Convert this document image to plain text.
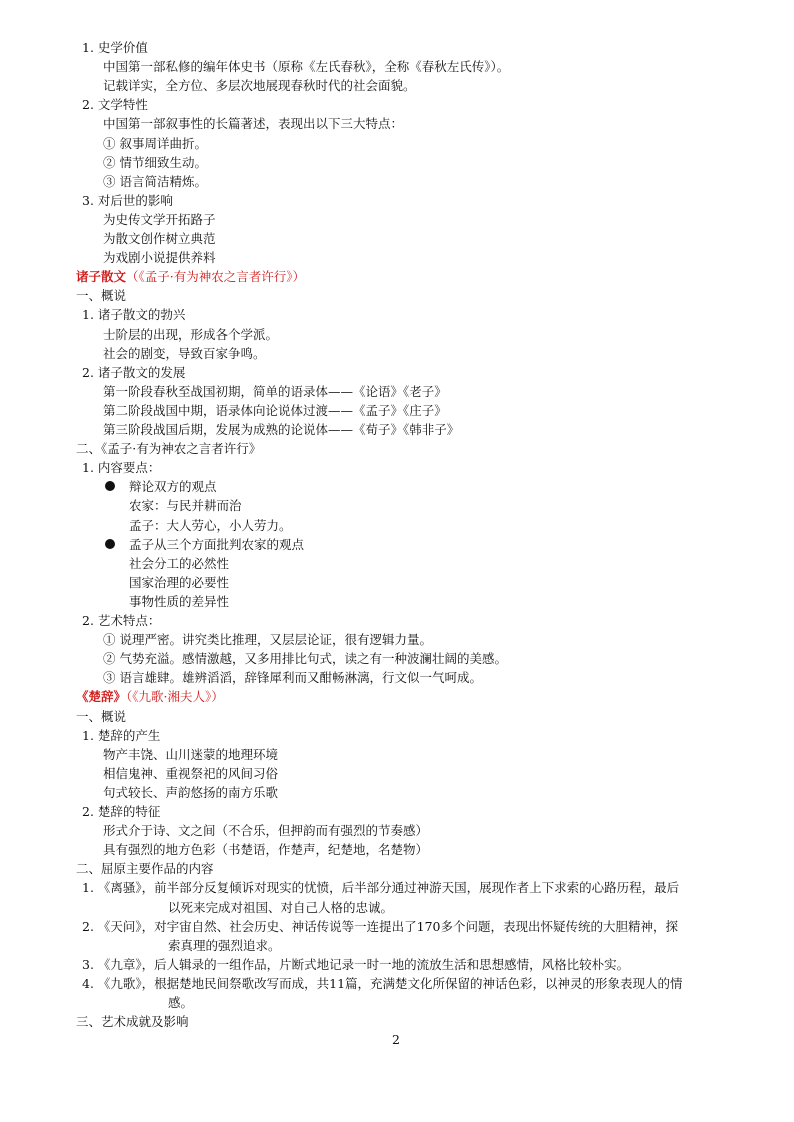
2
1. 史学价值
中国第一部私修的编年体史书（原称《左氏春秋》，全称《春秋左氏传》）。
记载详实，全方位、多层次地展现春秋时代的社会面貌。
2. 文学特性
中国第一部叙事性的长篇著述，表现出以下三大特点：
① 叙事周详曲折。
② 情节细致生动。
③ 语言简洁精炼。
3. 对后世的影响
为史传文学开拓路子
为散文创作树立典范
为戏剧小说提供养料
诸子散文（《孟子·有为神农之言者许行》）
一、概说
1. 诸子散文的勃兴
士阶层的出现，形成各个学派。
社会的剧变，导致百家争鸣。
2. 诸子散文的发展
第一阶段春秋至战国初期，简单的语录体——《论语》《老子》
第二阶段战国中期，语录体向论说体过渡——《孟子》《庄子》
第三阶段战国后期，发展为成熟的论说体——《荀子》《韩非子》
二、《孟子·有为神农之言者许行》
1. 内容要点：
辩论双方的观点
农家：与民并耕而治
孟子：大人劳心，小人劳力。
孟子从三个方面批判农家的观点
社会分工的必然性
国家治理的必要性
事物性质的差异性
2. 艺术特点：
① 说理严密。讲究类比推理，又层层论证，很有逻辑力量。
② 气势充溢。感情激越，又多用排比句式，读之有一种波澜壮阔的美感。
③ 语言雄肆。雄辨滔滔，辞锋犀利而又酣畅淋漓，行文似一气呵成。
《楚辞》（《九歌·湘夫人》）
一、概说
1. 楚辞的产生
物产丰饶、山川迷蒙的地理环境
相信鬼神、重视祭祀的风间习俗
句式较长、声韵悠扬的南方乐歌
2. 楚辞的特征
形式介于诗、文之间（不合乐，但押韵而有强烈的节奏感）
具有强烈的地方色彩（书楚语，作楚声，纪楚地，名楚物）
二、屈原主要作品的内容
1. 《离骚》，前半部分反复倾诉对现实的忧愤，后半部分通过神游天国，展现作者上下求索的心路历程，最后
以死来完成对祖国、对自己人格的忠诚。
2. 《天问》，对宇宙自然、社会历史、神话传说等一连提出了170多个问题，表现出怀疑传统的大胆精神，探
索真理的强烈追求。
3. 《九章》，后人辑录的一组作品，片断式地记录一时一地的流放生活和思想感情，风格比较朴实。
4. 《九歌》，根据楚地民间祭歌改写而成，共11篇，充满楚文化所保留的神话色彩，以神灵的形象表现人的情
感。
三、艺术成就及影响
